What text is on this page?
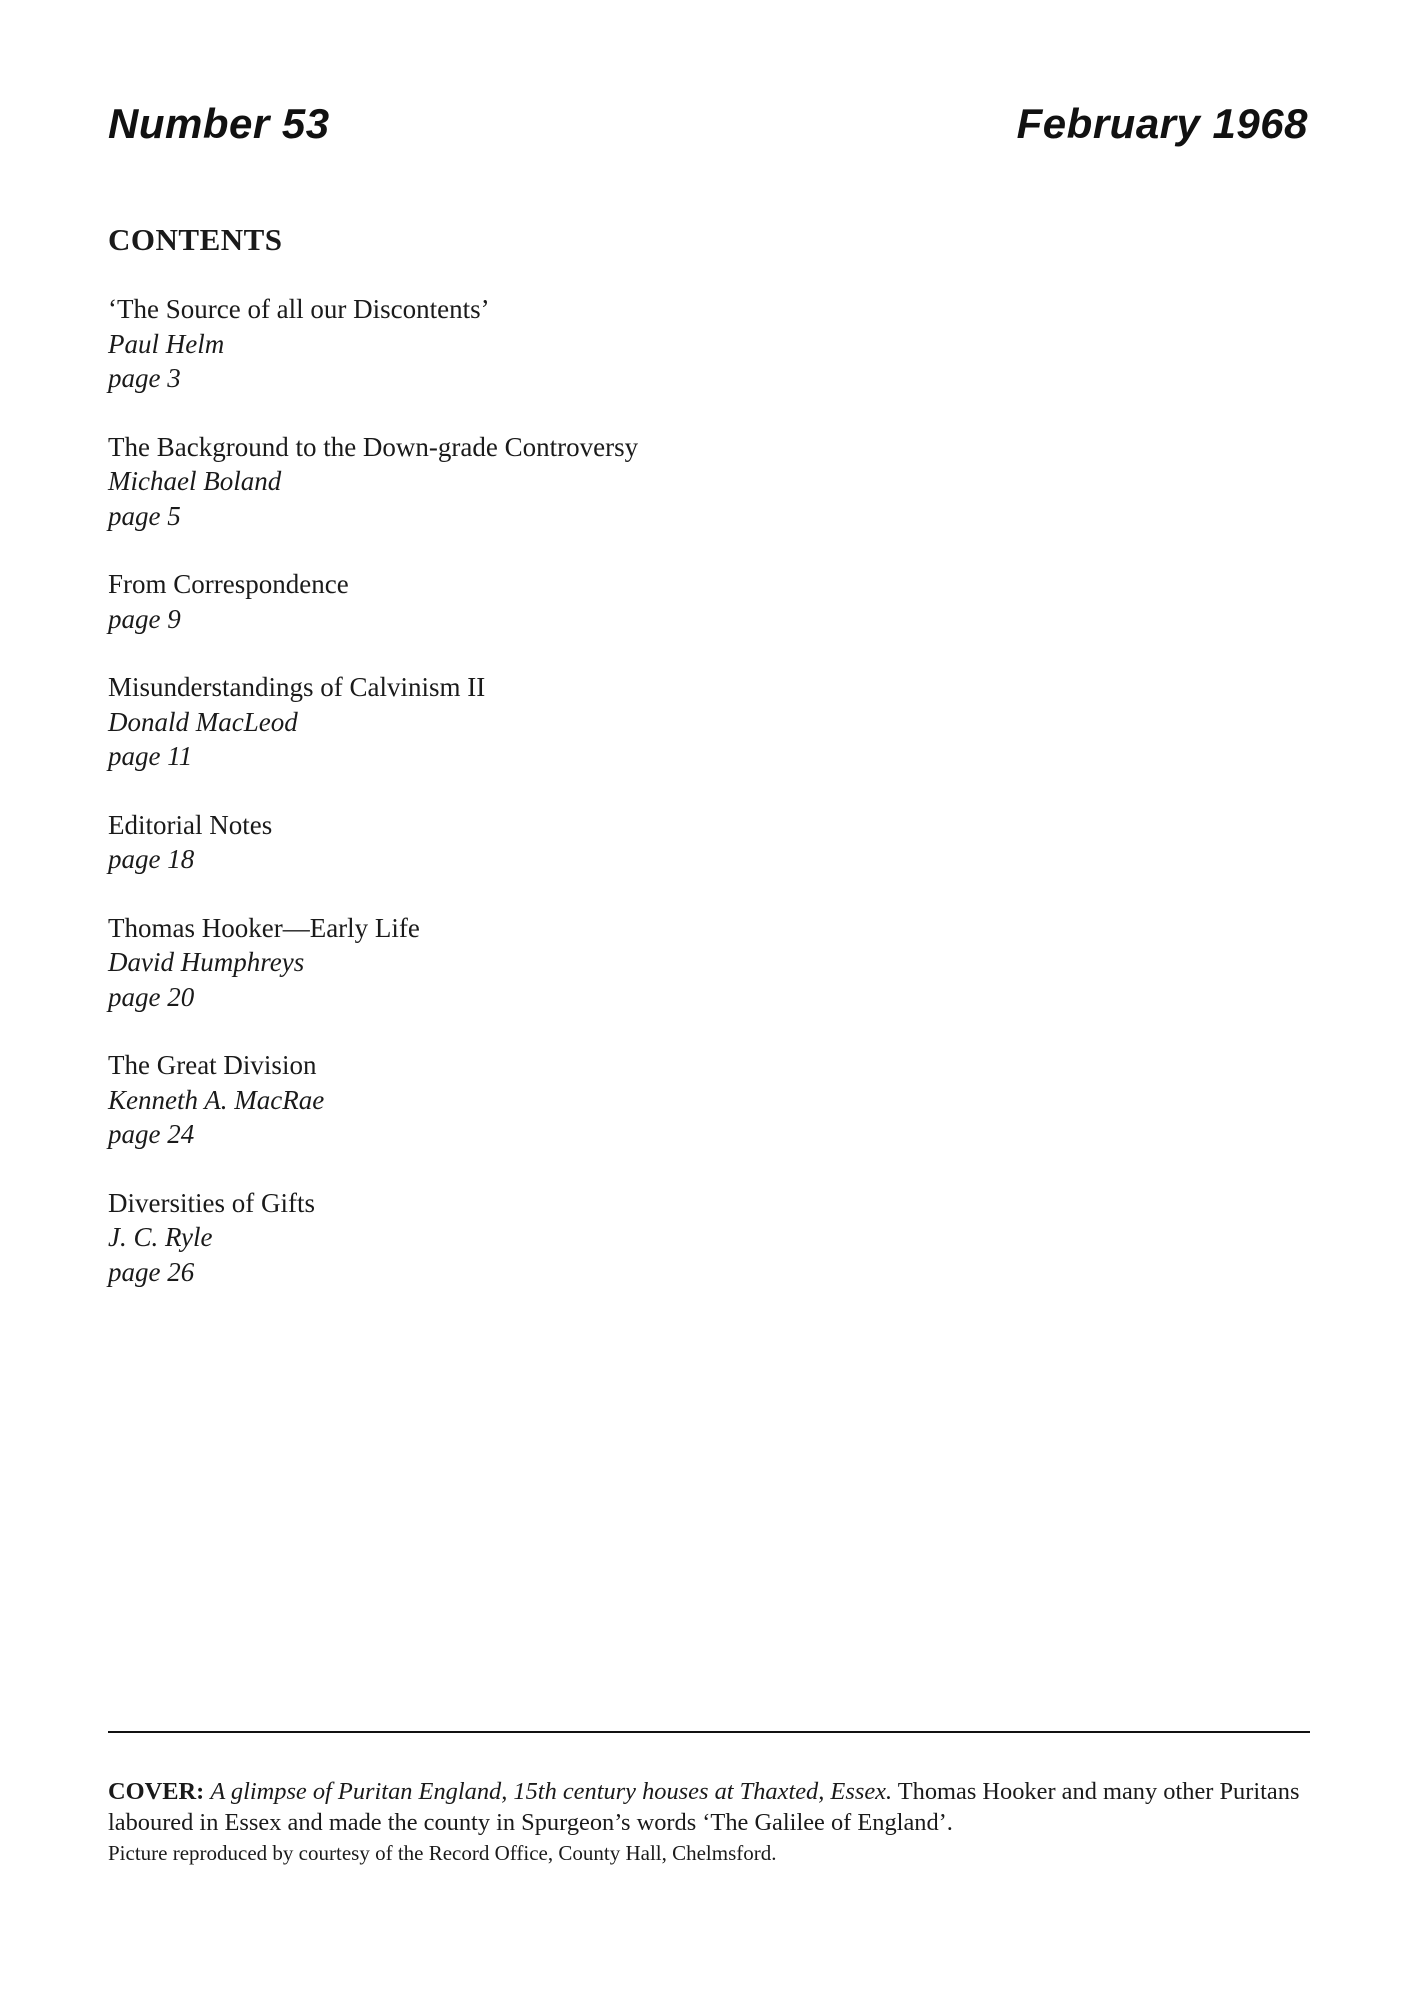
Number 53	February 1968
CONTENTS
‘The Source of all our Discontents’
Paul Helm
page 3
The Background to the Down-grade Controversy
Michael Boland
page 5
From Correspondence
page 9
Misunderstandings of Calvinism II
Donald MacLeod
page 11
Editorial Notes
page 18
Thomas Hooker—Early Life
David Humphreys
page 20
The Great Division
Kenneth A. MacRae
page 24
Diversities of Gifts
J. C. Ryle
page 26
COVER: A glimpse of Puritan England, 15th century houses at Thaxted, Essex. Thomas Hooker and many other Puritans laboured in Essex and made the county in Spurgeon’s words ‘The Galilee of England’.
Picture reproduced by courtesy of the Record Office, County Hall, Chelmsford.
